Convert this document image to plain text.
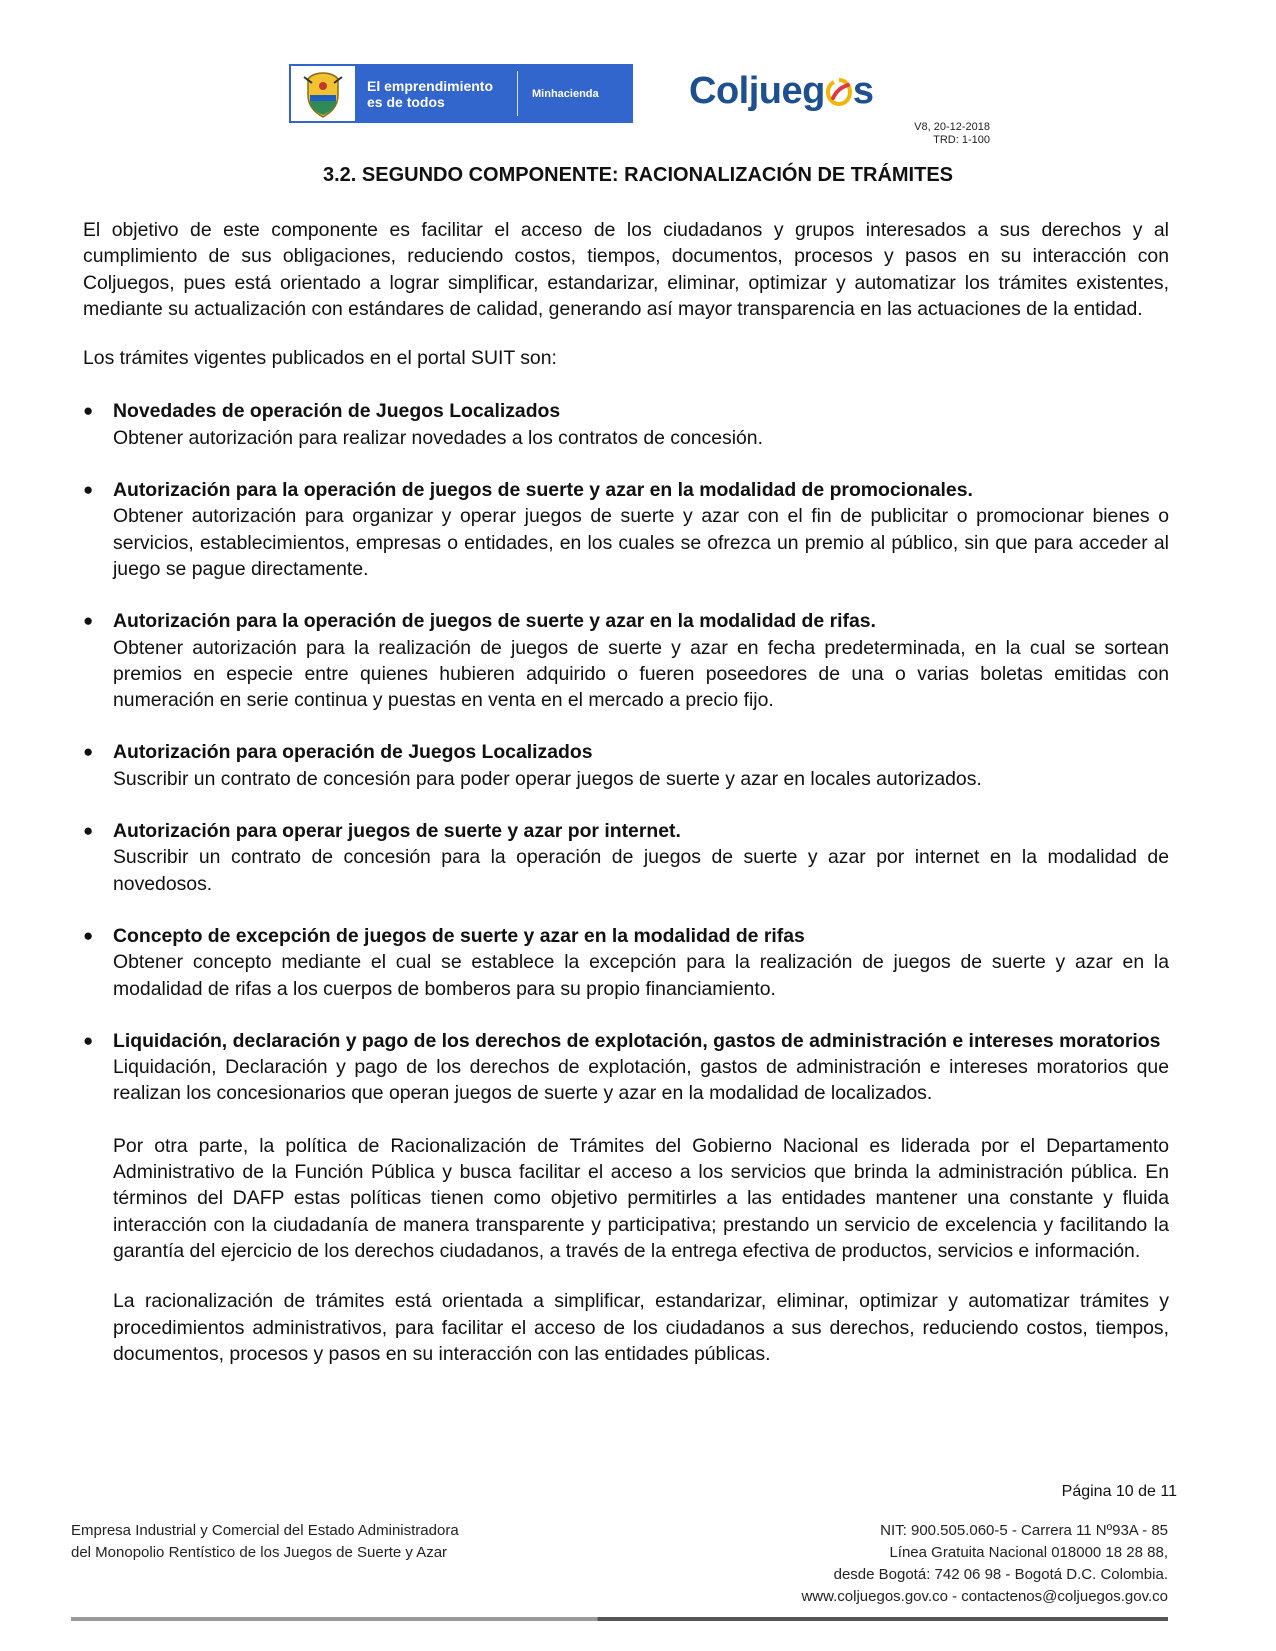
El emprendimiento
es de todos	Minhacienda Coljueg s
V8, 20-12-2018
TRD: 1-100
3.2. SEGUNDO COMPONENTE: RACIONALIZACIÓN DE TRÁMITES

El objetivo de este componente es facilitar el acceso de los ciudadanos y grupos interesados a sus derechos y al cumplimiento de sus obligaciones, reduciendo costos, tiempos, documentos, procesos y pasos en su interacción con Coljuegos, pues está orientado a lograr simplificar, estandarizar, eliminar, optimizar y automatizar los trámites existentes, mediante su actualización con estándares de calidad, generando así mayor transparencia en las actuaciones de la entidad.

Los trámites vigentes publicados en el portal SUIT son:

● Novedades de operación de Juegos Localizados
Obtener autorización para realizar novedades a los contratos de concesión.
● Autorización para la operación de juegos de suerte y azar en la modalidad de promocionales.
Obtener autorización para organizar y operar juegos de suerte y azar con el fin de publicitar o promocionar bienes o servicios, establecimientos, empresas o entidades, en los cuales se ofrezca un premio al público, sin que para acceder al juego se pague directamente.
● Autorización para la operación de juegos de suerte y azar en la modalidad de rifas.
Obtener autorización para la realización de juegos de suerte y azar en fecha predeterminada, en la cual se sortean premios en especie entre quienes hubieren adquirido o fueren poseedores de una o varias boletas emitidas con numeración en serie continua y puestas en venta en el mercado a precio fijo.
● Autorización para operación de Juegos Localizados
Suscribir un contrato de concesión para poder operar juegos de suerte y azar en locales autorizados.
● Autorización para operar juegos de suerte y azar por internet.
Suscribir un contrato de concesión para la operación de juegos de suerte y azar por internet en la modalidad de novedosos.
● Concepto de excepción de juegos de suerte y azar en la modalidad de rifas
Obtener concepto mediante el cual se establece la excepción para la realización de juegos de suerte y azar en la modalidad de rifas a los cuerpos de bomberos para su propio financiamiento.
● Liquidación, declaración y pago de los derechos de explotación, gastos de administración e intereses moratorios
Liquidación, Declaración y pago de los derechos de explotación, gastos de administración e intereses moratorios que realizan los concesionarios que operan juegos de suerte y azar en la modalidad de localizados.

Por otra parte, la política de Racionalización de Trámites del Gobierno Nacional es liderada por el Departamento Administrativo de la Función Pública y busca facilitar el acceso a los servicios que brinda la administración pública. En términos del DAFP estas políticas tienen como objetivo permitirles a las entidades mantener una constante y fluida interacción con la ciudadanía de manera transparente y participativa; prestando un servicio de excelencia y facilitando la garantía del ejercicio de los derechos ciudadanos, a través de la entrega efectiva de productos, servicios e información.

La racionalización de trámites está orientada a simplificar, estandarizar, eliminar, optimizar y automatizar trámites y procedimientos administrativos, para facilitar el acceso de los ciudadanos a sus derechos, reduciendo costos, tiempos, documentos, procesos y pasos en su interacción con las entidades públicas.

Página 10 de 11
Empresa Industrial y Comercial del Estado Administradora
del Monopolio Rentístico de los Juegos de Suerte y Azar
NIT: 900.505.060-5 - Carrera 11 Nº93A - 85
Línea Gratuita Nacional 018000 18 28 88,
desde Bogotá: 742 06 98 - Bogotá D.C. Colombia.
www.coljuegos.gov.co - contactenos@coljuegos.gov.co
